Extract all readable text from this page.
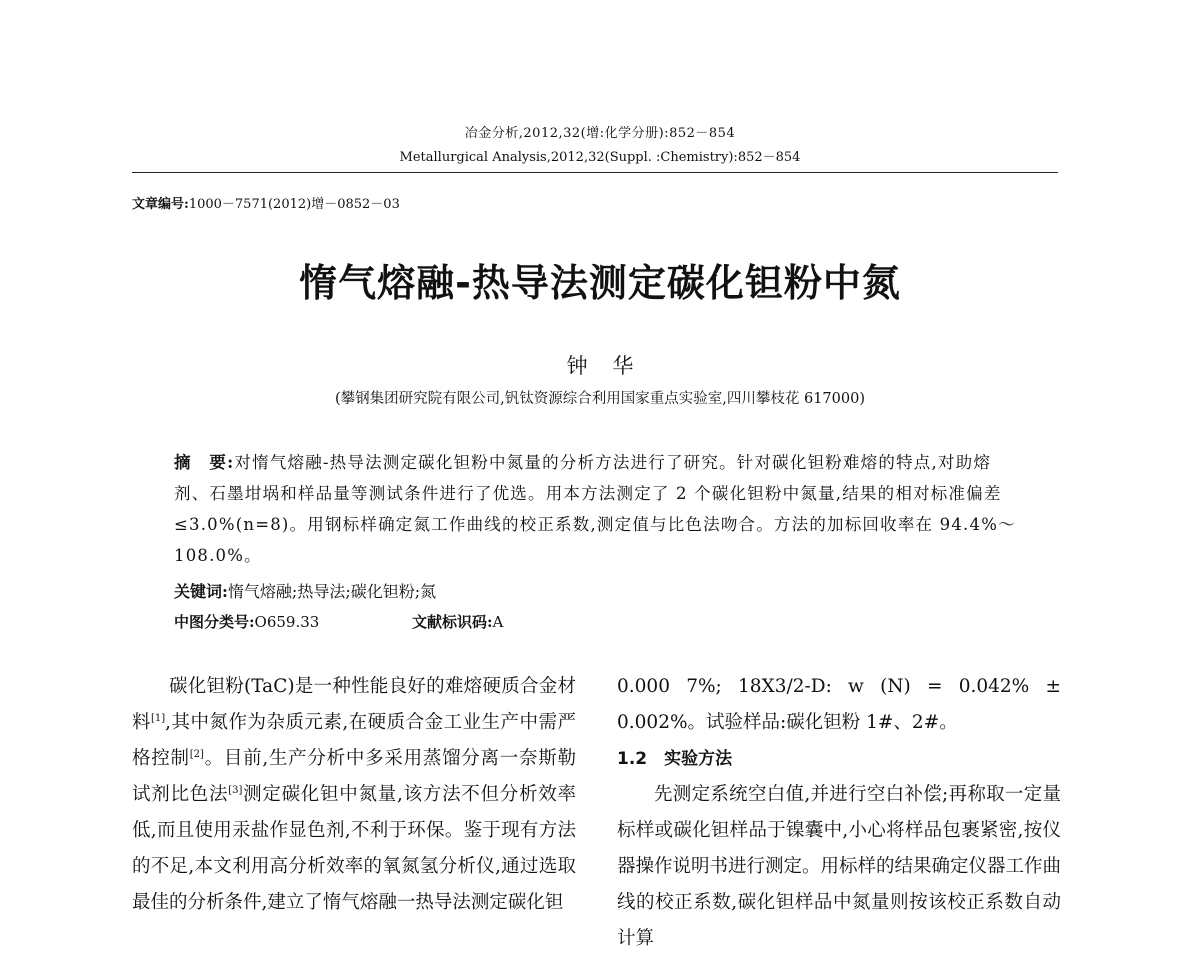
冶金分析,2012,32(增:化学分册):852－854
Metallurgical Analysis,2012,32(Suppl. :Chemistry):852－854
文章编号:1000－7571(2012)增－0852－03
惰气熔融-热导法测定碳化钽粉中氮
钟 华
(攀钢集团研究院有限公司,钒钛资源综合利用国家重点实验室,四川攀枝花 617000)
摘　要:对惰气熔融-热导法测定碳化钽粉中氮量的分析方法进行了研究。针对碳化钽粉难熔的特点,对助熔剂、石墨坩埚和样品量等测试条件进行了优选。用本方法测定了 2 个碳化钽粉中氮量,结果的相对标准偏差≤3.0%(n=8)。用钢标样确定氮工作曲线的校正系数,测定值与比色法吻合。方法的加标回收率在 94.4%～108.0%。
关键词:惰气熔融;热导法;碳化钽粉;氮
中图分类号:O659.33	文献标识码:A

碳化钽粉(TaC)是一种性能良好的难熔硬质合金材料[1],其中氮作为杂质元素,在硬质合金工业生产中需严格控制[2]。目前,生产分析中多采用蒸馏分离一奈斯勒试剂比色法[3]测定碳化钽中氮量,该方法不但分析效率低,而且使用汞盐作显色剂,不利于环保。鉴于现有方法的不足,本文利用高分析效率的氧氮氢分析仪,通过选取最佳的分析条件,建立了惰气熔融一热导法测定碳化钽

0.000 7%; 18X3/2-D: w (N) = 0.042% ± 0.002%。试验样品:碳化钽粉 1#、2#。

1.2　实验方法

先测定系统空白值,并进行空白补偿;再称取一定量标样或碳化钽样品于镍囊中,小心将样品包裹紧密,按仪器操作说明书进行测定。用标样的结果确定仪器工作曲线的校正系数,碳化钽样品中氮量则按该校正系数自动计算
